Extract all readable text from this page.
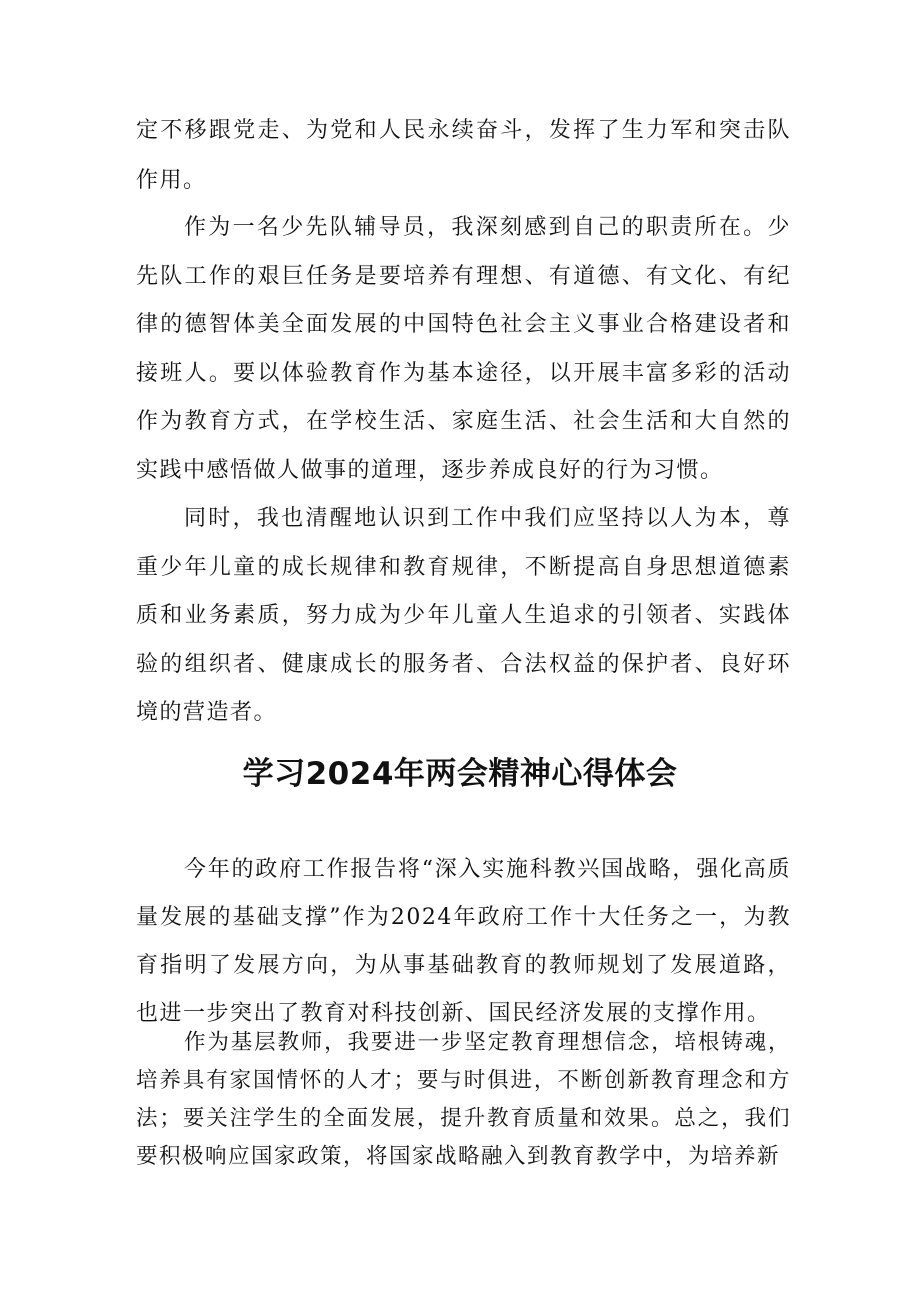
定不移跟党走、为党和人民永续奋斗，发挥了生力军和突击队作用。

作为一名少先队辅导员，我深刻感到自己的职责所在。少先队工作的艰巨任务是要培养有理想、有道德、有文化、有纪律的德智体美全面发展的中国特色社会主义事业合格建设者和接班人。要以体验教育作为基本途径，以开展丰富多彩的活动作为教育方式，在学校生活、家庭生活、社会生活和大自然的实践中感悟做人做事的道理，逐步养成良好的行为习惯。

同时，我也清醒地认识到工作中我们应坚持以人为本，尊重少年儿童的成长规律和教育规律，不断提高自身思想道德素质和业务素质，努力成为少年儿童人生追求的引领者、实践体验的组织者、健康成长的服务者、合法权益的保护者、良好环境的营造者。

学习2024年两会精神心得体会

今年的政府工作报告将“深入实施科教兴国战略，强化高质量发展的基础支撑”作为2024年政府工作十大任务之一，为教育指明了发展方向，为从事基础教育的教师规划了发展道路，也进一步突出了教育对科技创新、国民经济发展的支撑作用。

作为基层教师，我要进一步坚定教育理想信念，培根铸魂，培养具有家国情怀的人才；要与时俱进，不断创新教育理念和方法；要关注学生的全面发展，提升教育质量和效果。总之，我们要积极响应国家政策，将国家战略融入到教育教学中，为培养新
